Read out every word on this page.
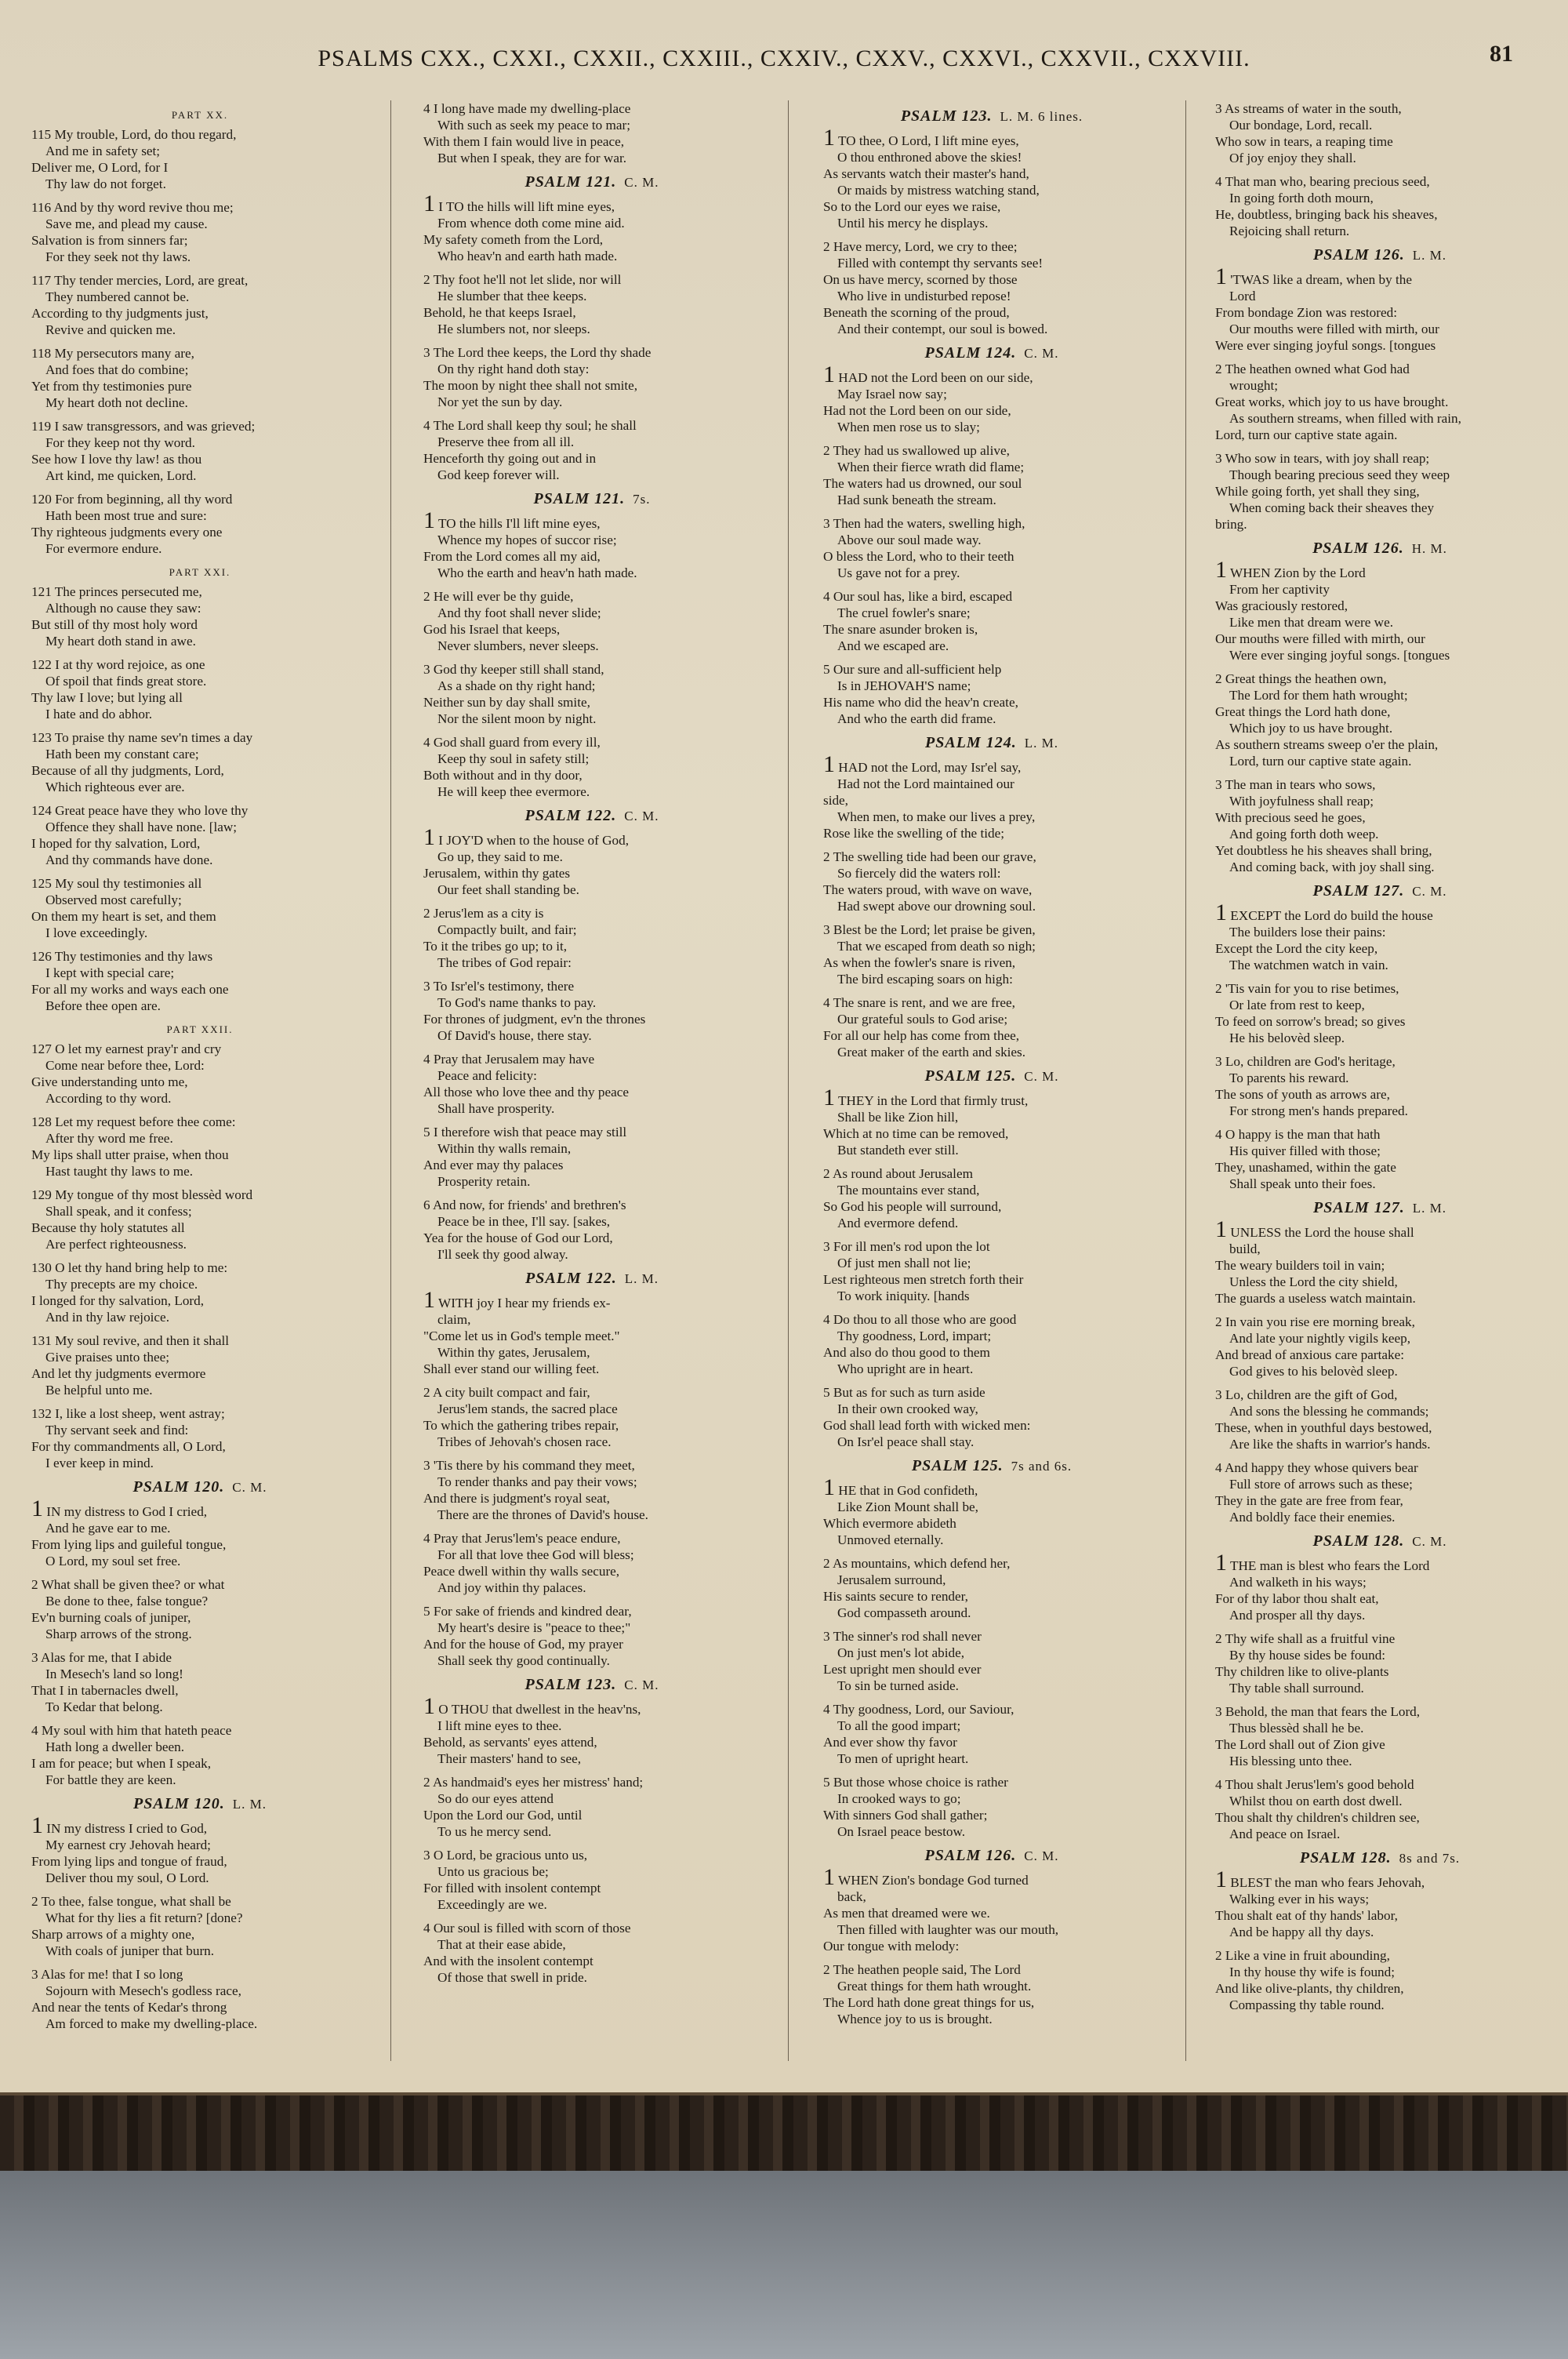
PSALMS CXX., CXXI., CXXII., CXXIII., CXXIV., CXXV., CXXVI., CXXVII., CXXVIII.	81
PART XX.
115 My trouble, Lord, do thou regard,
And me in safety set;
Deliver me, O Lord, for I
Thy law do not forget.
116 And by thy word revive thou me;
Save me, and plead my cause.
Salvation is from sinners far;
For they seek not thy laws.
117 Thy tender mercies, Lord, are great,
They numbered cannot be.
According to thy judgments just,
Revive and quicken me.
118 My persecutors many are,
And foes that do combine;
Yet from thy testimonies pure
My heart doth not decline.
119 I saw transgressors, and was grieved;
For they keep not thy word.
See how I love thy law! as thou
Art kind, me quicken, Lord.
120 For from beginning, all thy word
Hath been most true and sure:
Thy righteous judgments every one
For evermore endure.
PART XXI.
121 The princes persecuted me,
Although no cause they saw:
But still of thy most holy word
My heart doth stand in awe.
122 I at thy word rejoice, as one
Of spoil that finds great store.
Thy law I love; but lying all
I hate and do abhor.
123 To praise thy name sev'n times a day
Hath been my constant care;
Because of all thy judgments, Lord,
Which righteous ever are.
124 Great peace have they who love thy
Offence they shall have none. [law;
I hoped for thy salvation, Lord,
And thy commands have done.
125 My soul thy testimonies all
Observed most carefully;
On them my heart is set, and them
I love exceedingly.
126 Thy testimonies and thy laws
I kept with special care;
For all my works and ways each one
Before thee open are.
PART XXII.
127 O let my earnest pray'r and cry
Come near before thee, Lord:
Give understanding unto me,
According to thy word.
128 Let my request before thee come:
After thy word me free.
My lips shall utter praise, when thou
Hast taught thy laws to me.
129 My tongue of thy most blessèd word
Shall speak, and it confess;
Because thy holy statutes all
Are perfect righteousness.
130 O let thy hand bring help to me:
Thy precepts are my choice.
I longed for thy salvation, Lord,
And in thy law rejoice.
131 My soul revive, and then it shall
Give praises unto thee;
And let thy judgments evermore
Be helpful unto me.
132 I, like a lost sheep, went astray;
Thy servant seek and find:
For thy commandments all, O Lord,
I ever keep in mind.
PSALM 120. C. M.
1 IN my distress to God I cried,
And he gave ear to me.
From lying lips and guileful tongue,
O Lord, my soul set free.
2 What shall be given thee? or what
Be done to thee, false tongue?
Ev'n burning coals of juniper,
Sharp arrows of the strong.
3 Alas for me, that I abide
In Mesech's land so long!
That I in tabernacles dwell,
To Kedar that belong.
4 My soul with him that hateth peace
Hath long a dweller been.
I am for peace; but when I speak,
For battle they are keen.
PSALM 120. L. M.
1 IN my distress I cried to God,
My earnest cry Jehovah heard;
From lying lips and tongue of fraud,
Deliver thou my soul, O Lord.
2 To thee, false tongue, what shall be
What for thy lies a fit return? [done?
Sharp arrows of a mighty one,
With coals of juniper that burn.
3 Alas for me! that I so long
Sojourn with Mesech's godless race,
And near the tents of Kedar's throng
Am forced to make my dwelling-place.
4 I long have made my dwelling-place
With such as seek my peace to mar;
With them I fain would live in peace,
But when I speak, they are for war.
PSALM 121. C. M.
1 I TO the hills will lift mine eyes,
From whence doth come mine aid.
My safety cometh from the Lord,
Who heav'n and earth hath made.
2 Thy foot he'll not let slide, nor will
He slumber that thee keeps.
Behold, he that keeps Israel,
He slumbers not, nor sleeps.
3 The Lord thee keeps, the Lord thy shade
On thy right hand doth stay:
The moon by night thee shall not smite,
Nor yet the sun by day.
4 The Lord shall keep thy soul; he shall
Preserve thee from all ill.
Henceforth thy going out and in
God keep forever will.
PSALM 121. 7s.
1 TO the hills I'll lift mine eyes,
Whence my hopes of succor rise;
From the Lord comes all my aid,
Who the earth and heav'n hath made.
2 He will ever be thy guide,
And thy foot shall never slide;
God his Israel that keeps,
Never slumbers, never sleeps.
3 God thy keeper still shall stand,
As a shade on thy right hand;
Neither sun by day shall smite,
Nor the silent moon by night.
4 God shall guard from every ill,
Keep thy soul in safety still;
Both without and in thy door,
He will keep thee evermore.
PSALM 122. C. M.
1 I JOY'D when to the house of God,
Go up, they said to me.
Jerusalem, within thy gates
Our feet shall standing be.
2 Jerus'lem as a city is
Compactly built, and fair;
To it the tribes go up; to it,
The tribes of God repair:
3 To Isr'el's testimony, there
To God's name thanks to pay.
For thrones of judgment, ev'n the thrones
Of David's house, there stay.
4 Pray that Jerusalem may have
Peace and felicity:
All those who love thee and thy peace
Shall have prosperity.
5 I therefore wish that peace may still
Within thy walls remain,
And ever may thy palaces
Prosperity retain.
6 And now, for friends' and brethren's
Peace be in thee, I'll say. [sakes,
Yea for the house of God our Lord,
I'll seek thy good alway.
PSALM 122. L. M.
1 WITH joy I hear my friends ex-
claim,
"Come let us in God's temple meet."
Within thy gates, Jerusalem,
Shall ever stand our willing feet.
2 A city built compact and fair,
Jerus'lem stands, the sacred place
To which the gathering tribes repair,
Tribes of Jehovah's chosen race.
3 'Tis there by his command they meet,
To render thanks and pay their vows;
And there is judgment's royal seat,
There are the thrones of David's house.
4 Pray that Jerus'lem's peace endure,
For all that love thee God will bless;
Peace dwell within thy walls secure,
And joy within thy palaces.
5 For sake of friends and kindred dear,
My heart's desire is "peace to thee;"
And for the house of God, my prayer
Shall seek thy good continually.
PSALM 123. C. M.
1 O THOU that dwellest in the heav'ns,
I lift mine eyes to thee.
Behold, as servants' eyes attend,
Their masters' hand to see,
2 As handmaid's eyes her mistress' hand;
So do our eyes attend
Upon the Lord our God, until
To us he mercy send.
3 O Lord, be gracious unto us,
Unto us gracious be;
For filled with insolent contempt
Exceedingly are we.
4 Our soul is filled with scorn of those
That at their ease abide,
And with the insolent contempt
Of those that swell in pride.
PSALM 123. L. M. 6 lines.
1 TO thee, O Lord, I lift mine eyes,
O thou enthroned above the skies!
As servants watch their master's hand,
Or maids by mistress watching stand,
So to the Lord our eyes we raise,
Until his mercy he displays.
2 Have mercy, Lord, we cry to thee;
Filled with contempt thy servants see!
On us have mercy, scorned by those
Who live in undisturbed repose!
Beneath the scorning of the proud,
And their contempt, our soul is bowed.
PSALM 124. C. M.
1 HAD not the Lord been on our side,
May Israel now say;
Had not the Lord been on our side,
When men rose us to slay;
2 They had us swallowed up alive,
When their fierce wrath did flame;
The waters had us drowned, our soul
Had sunk beneath the stream.
3 Then had the waters, swelling high,
Above our soul made way.
O bless the Lord, who to their teeth
Us gave not for a prey.
4 Our soul has, like a bird, escaped
The cruel fowler's snare;
The snare asunder broken is,
And we escaped are.
5 Our sure and all-sufficient help
Is in JEHOVAH'S name;
His name who did the heav'n create,
And who the earth did frame.
PSALM 124. L. M.
1 HAD not the Lord, may Isr'el say,
Had not the Lord maintained our
side,
When men, to make our lives a prey,
Rose like the swelling of the tide;
2 The swelling tide had been our grave,
So fiercely did the waters roll:
The waters proud, with wave on wave,
Had swept above our drowning soul.
3 Blest be the Lord; let praise be given,
That we escaped from death so nigh;
As when the fowler's snare is riven,
The bird escaping soars on high:
4 The snare is rent, and we are free,
Our grateful souls to God arise;
For all our help has come from thee,
Great maker of the earth and skies.
PSALM 125. C. M.
1 THEY in the Lord that firmly trust,
Shall be like Zion hill,
Which at no time can be removed,
But standeth ever still.
2 As round about Jerusalem
The mountains ever stand,
So God his people will surround,
And evermore defend.
3 For ill men's rod upon the lot
Of just men shall not lie;
Lest righteous men stretch forth their
To work iniquity. [hands
4 Do thou to all those who are good
Thy goodness, Lord, impart;
And also do thou good to them
Who upright are in heart.
5 But as for such as turn aside
In their own crooked way,
God shall lead forth with wicked men:
On Isr'el peace shall stay.
PSALM 125. 7s and 6s.
1 HE that in God confideth,
Like Zion Mount shall be,
Which evermore abideth
Unmoved eternally.
2 As mountains, which defend her,
Jerusalem surround,
His saints secure to render,
God compasseth around.
3 The sinner's rod shall never
On just men's lot abide,
Lest upright men should ever
To sin be turned aside.
4 Thy goodness, Lord, our Saviour,
To all the good impart;
And ever show thy favor
To men of upright heart.
5 But those whose choice is rather
In crooked ways to go;
With sinners God shall gather;
On Israel peace bestow.
PSALM 126. C. M.
1 WHEN Zion's bondage God turned
back,
As men that dreamed were we.
Then filled with laughter was our mouth,
Our tongue with melody:
2 The heathen people said, The Lord
Great things for them hath wrought.
The Lord hath done great things for us,
Whence joy to us is brought.
3 As streams of water in the south,
Our bondage, Lord, recall.
Who sow in tears, a reaping time
Of joy enjoy they shall.
4 That man who, bearing precious seed,
In going forth doth mourn,
He, doubtless, bringing back his sheaves,
Rejoicing shall return.
PSALM 126. L. M.
1 'TWAS like a dream, when by the
Lord
From bondage Zion was restored:
Our mouths were filled with mirth, our
Were ever singing joyful songs. [tongues
2 The heathen owned what God had
wrought;
Great works, which joy to us have brought.
As southern streams, when filled with rain,
Lord, turn our captive state again.
3 Who sow in tears, with joy shall reap;
Though bearing precious seed they weep
While going forth, yet shall they sing,
When coming back their sheaves they
bring.
PSALM 126. H. M.
1 WHEN Zion by the Lord
From her captivity
Was graciously restored,
Like men that dream were we.
Our mouths were filled with mirth, our
Were ever singing joyful songs. [tongues
2 Great things the heathen own,
The Lord for them hath wrought;
Great things the Lord hath done,
Which joy to us have brought.
As southern streams sweep o'er the plain,
Lord, turn our captive state again.
3 The man in tears who sows,
With joyfulness shall reap;
With precious seed he goes,
And going forth doth weep.
Yet doubtless he his sheaves shall bring,
And coming back, with joy shall sing.
PSALM 127. C. M.
1 EXCEPT the Lord do build the house
The builders lose their pains:
Except the Lord the city keep,
The watchmen watch in vain.
2 'Tis vain for you to rise betimes,
Or late from rest to keep,
To feed on sorrow's bread; so gives
He his belovèd sleep.
3 Lo, children are God's heritage,
To parents his reward.
The sons of youth as arrows are,
For strong men's hands prepared.
4 O happy is the man that hath
His quiver filled with those;
They, unashamed, within the gate
Shall speak unto their foes.
PSALM 127. L. M.
1 UNLESS the Lord the house shall
build,
The weary builders toil in vain;
Unless the Lord the city shield,
The guards a useless watch maintain.
2 In vain you rise ere morning break,
And late your nightly vigils keep,
And bread of anxious care partake:
God gives to his belovèd sleep.
3 Lo, children are the gift of God,
And sons the blessing he commands;
These, when in youthful days bestowed,
Are like the shafts in warrior's hands.
4 And happy they whose quivers bear
Full store of arrows such as these;
They in the gate are free from fear,
And boldly face their enemies.
PSALM 128. C. M.
1 THE man is blest who fears the Lord
And walketh in his ways;
For of thy labor thou shalt eat,
And prosper all thy days.
2 Thy wife shall as a fruitful vine
By thy house sides be found:
Thy children like to olive-plants
Thy table shall surround.
3 Behold, the man that fears the Lord,
Thus blessèd shall he be.
The Lord shall out of Zion give
His blessing unto thee.
4 Thou shalt Jerus'lem's good behold
Whilst thou on earth dost dwell.
Thou shalt thy children's children see,
And peace on Israel.
PSALM 128. 8s and 7s.
1 BLEST the man who fears Jehovah,
Walking ever in his ways;
Thou shalt eat of thy hands' labor,
And be happy all thy days.
2 Like a vine in fruit abounding,
In thy house thy wife is found;
And like olive-plants, thy children,
Compassing thy table round.
